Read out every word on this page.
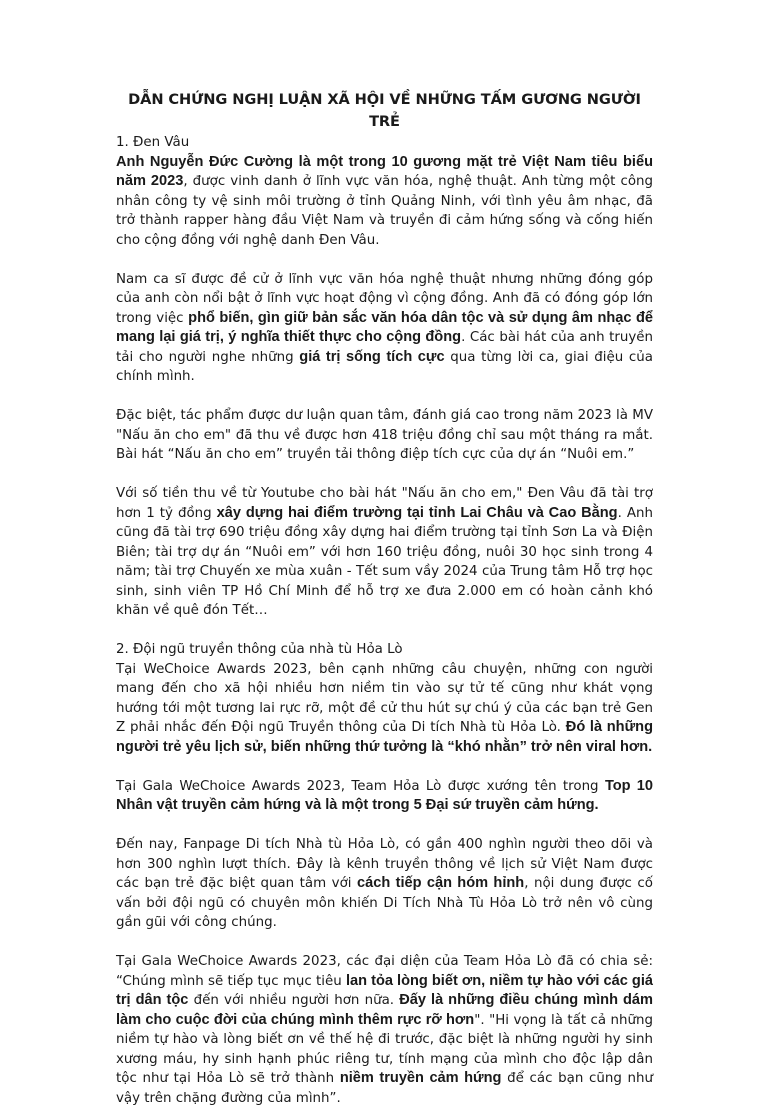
DẪN CHỨNG NGHỊ LUẬN XÃ HỘI VỀ NHỮNG TẤM GƯƠNG NGƯỜI TRẺ

1. Đen Vâu

Anh Nguyễn Đức Cường là một trong 10 gương mặt trẻ Việt Nam tiêu biểu năm 2023, được vinh danh ở lĩnh vực văn hóa, nghệ thuật. Anh từng một công nhân công ty vệ sinh môi trường ở tỉnh Quảng Ninh, với tình yêu âm nhạc, đã trở thành rapper hàng đầu Việt Nam và truyền đi cảm hứng sống và cống hiến cho cộng đồng với nghệ danh Đen Vâu.

Nam ca sĩ được đề cử ở lĩnh vực văn hóa nghệ thuật nhưng những đóng góp của anh còn nổi bật ở lĩnh vực hoạt động vì cộng đồng. Anh đã có đóng góp lớn trong việc phổ biến, gìn giữ bản sắc văn hóa dân tộc và sử dụng âm nhạc để mang lại giá trị, ý nghĩa thiết thực cho cộng đồng. Các bài hát của anh truyền tải cho người nghe những giá trị sống tích cực qua từng lời ca, giai điệu của chính mình.

Đặc biệt, tác phẩm được dư luận quan tâm, đánh giá cao trong năm 2023 là MV "Nấu ăn cho em" đã thu về được hơn 418 triệu đồng chỉ sau một tháng ra mắt. Bài hát “Nấu ăn cho em” truyền tải thông điệp tích cực của dự án “Nuôi em.”

Với số tiền thu về từ Youtube cho bài hát "Nấu ăn cho em," Đen Vâu đã tài trợ hơn 1 tỷ đồng xây dựng hai điểm trường tại tỉnh Lai Châu và Cao Bằng. Anh cũng đã tài trợ 690 triệu đồng xây dựng hai điểm trường tại tỉnh Sơn La và Điện Biên; tài trợ dự án “Nuôi em” với hơn 160 triệu đồng, nuôi 30 học sinh trong 4 năm; tài trợ Chuyến xe mùa xuân - Tết sum vầy 2024 của Trung tâm Hỗ trợ học sinh, sinh viên TP Hồ Chí Minh để hỗ trợ xe đưa 2.000 em có hoàn cảnh khó khăn về quê đón Tết…

2. Đội ngũ truyền thông của nhà tù Hỏa Lò

Tại WeChoice Awards 2023, bên cạnh những câu chuyện, những con người mang đến cho xã hội nhiều hơn niềm tin vào sự tử tế cũng như khát vọng hướng tới một tương lai rực rỡ, một đề cử thu hút sự chú ý của các bạn trẻ Gen Z phải nhắc đến Đội ngũ Truyền thông của Di tích Nhà tù Hỏa Lò. Đó là những người trẻ yêu lịch sử, biến những thứ tưởng là “khó nhằn” trở nên viral hơn.

Tại Gala WeChoice Awards 2023, Team Hỏa Lò được xướng tên trong Top 10 Nhân vật truyền cảm hứng và là một trong 5 Đại sứ truyền cảm hứng.

Đến nay, Fanpage Di tích Nhà tù Hỏa Lò, có gần 400 nghìn người theo dõi và hơn 300 nghìn lượt thích. Đây là kênh truyền thông về lịch sử Việt Nam được các bạn trẻ đặc biệt quan tâm với cách tiếp cận hóm hỉnh, nội dung được cố vấn bởi đội ngũ có chuyên môn khiến Di Tích Nhà Tù Hỏa Lò trở nên vô cùng gần gũi với công chúng.

Tại Gala WeChoice Awards 2023, các đại diện của Team Hỏa Lò đã có chia sẻ: “Chúng mình sẽ tiếp tục mục tiêu lan tỏa lòng biết ơn, niềm tự hào với các giá trị dân tộc đến với nhiều người hơn nữa. Đấy là những điều chúng mình dám làm cho cuộc đời của chúng mình thêm rực rỡ hơn". "Hi vọng là tất cả những niềm tự hào và lòng biết ơn về thế hệ đi trước, đặc biệt là những người hy sinh xương máu, hy sinh hạnh phúc riêng tư, tính mạng của mình cho độc lập dân tộc như tại Hỏa Lò sẽ trở thành niềm truyền cảm hứng để các bạn cũng như vậy trên chặng đường của mình”.
